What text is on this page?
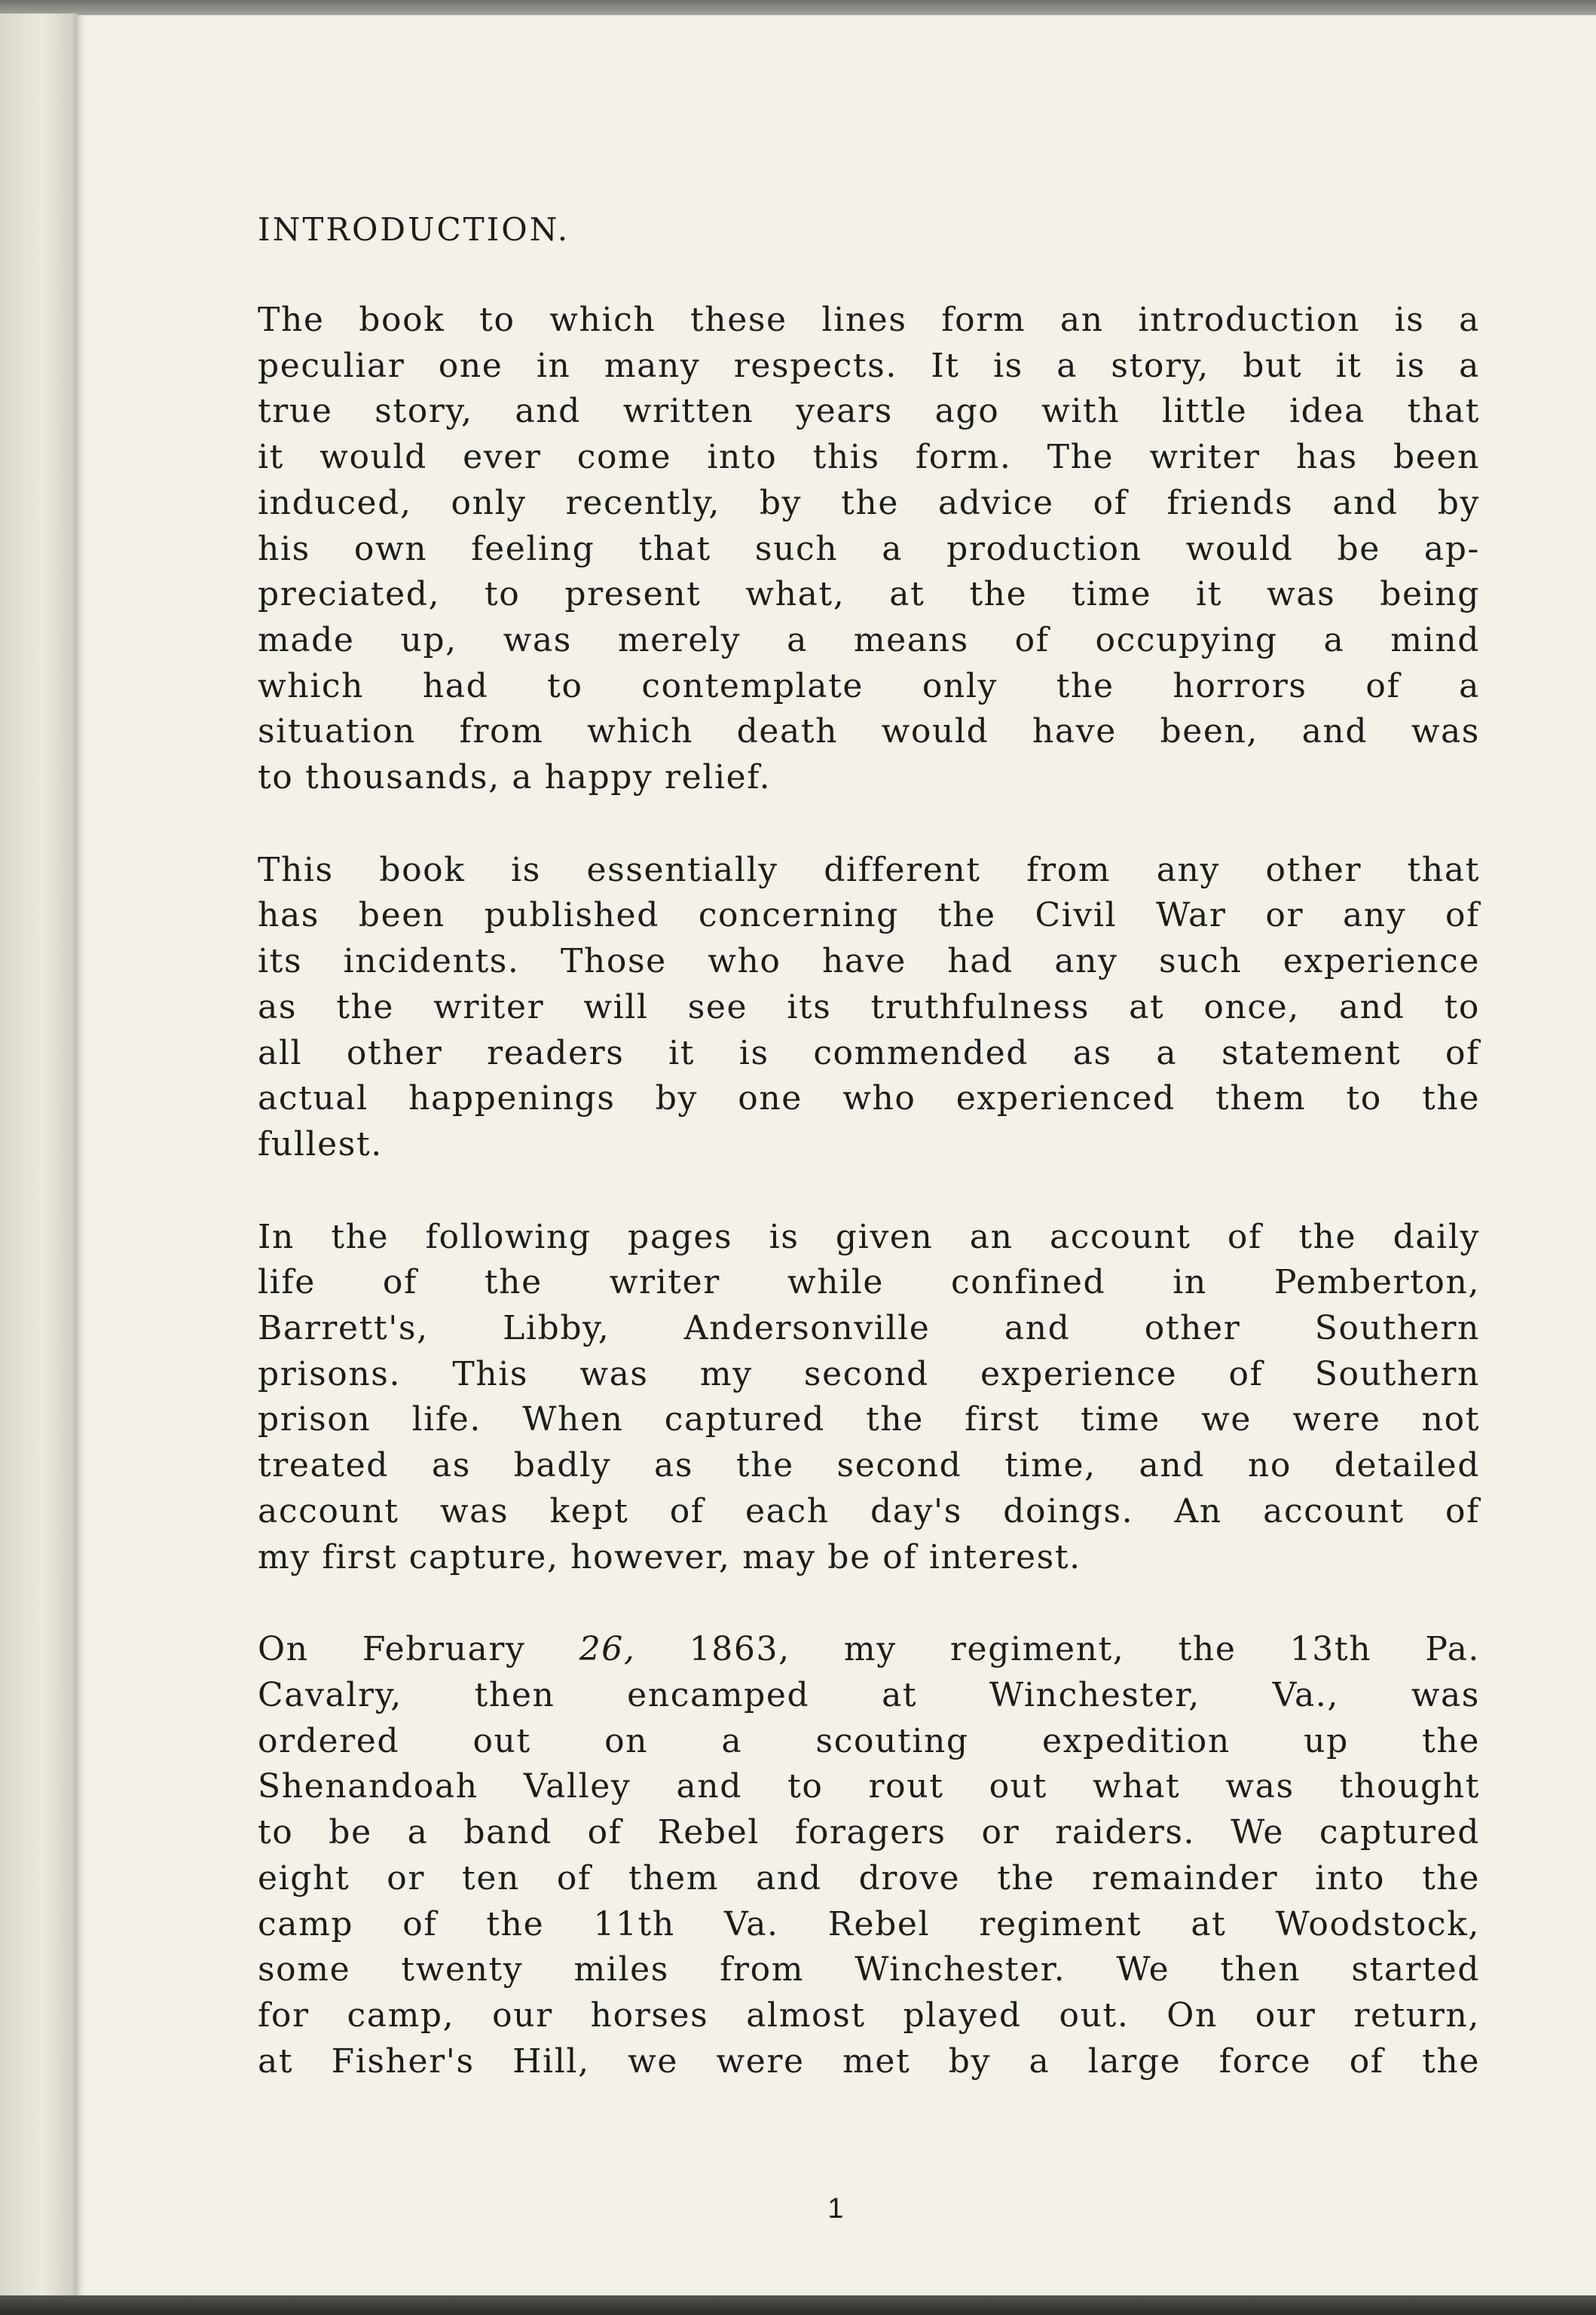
INTRODUCTION.
The book to which these lines form an introduction is a
peculiar one in many respects. It is a story, but it is a
true story, and written years ago with little idea that
it would ever come into this form. The writer has been
induced, only recently, by the advice of friends and by
his own feeling that such a production would be ap-
preciated, to present what, at the time it was being
made up, was merely a means of occupying a mind
which had to contemplate only the horrors of a
situation from which death would have been, and was
to thousands, a happy relief.
This book is essentially different from any other that
has been published concerning the Civil War or any of
its incidents. Those who have had any such experience
as the writer will see its truthfulness at once, and to
all other readers it is commended as a statement of
actual happenings by one who experienced them to the
fullest.
In the following pages is given an account of the daily
life of the writer while confined in Pemberton,
Barrett's, Libby, Andersonville and other Southern
prisons. This was my second experience of Southern
prison life. When captured the first time we were not
treated as badly as the second time, and no detailed
account was kept of each day's doings. An account of
my first capture, however, may be of interest.
On February 26, 1863, my regiment, the 13th Pa.
Cavalry, then encamped at Winchester, Va., was
ordered out on a scouting expedition up the
Shenandoah Valley and to rout out what was thought
to be a band of Rebel foragers or raiders. We captured
eight or ten of them and drove the remainder into the
camp of the 11th Va. Rebel regiment at Woodstock,
some twenty miles from Winchester. We then started
for camp, our horses almost played out. On our return,
at Fisher's Hill, we were met by a large force of the
1
